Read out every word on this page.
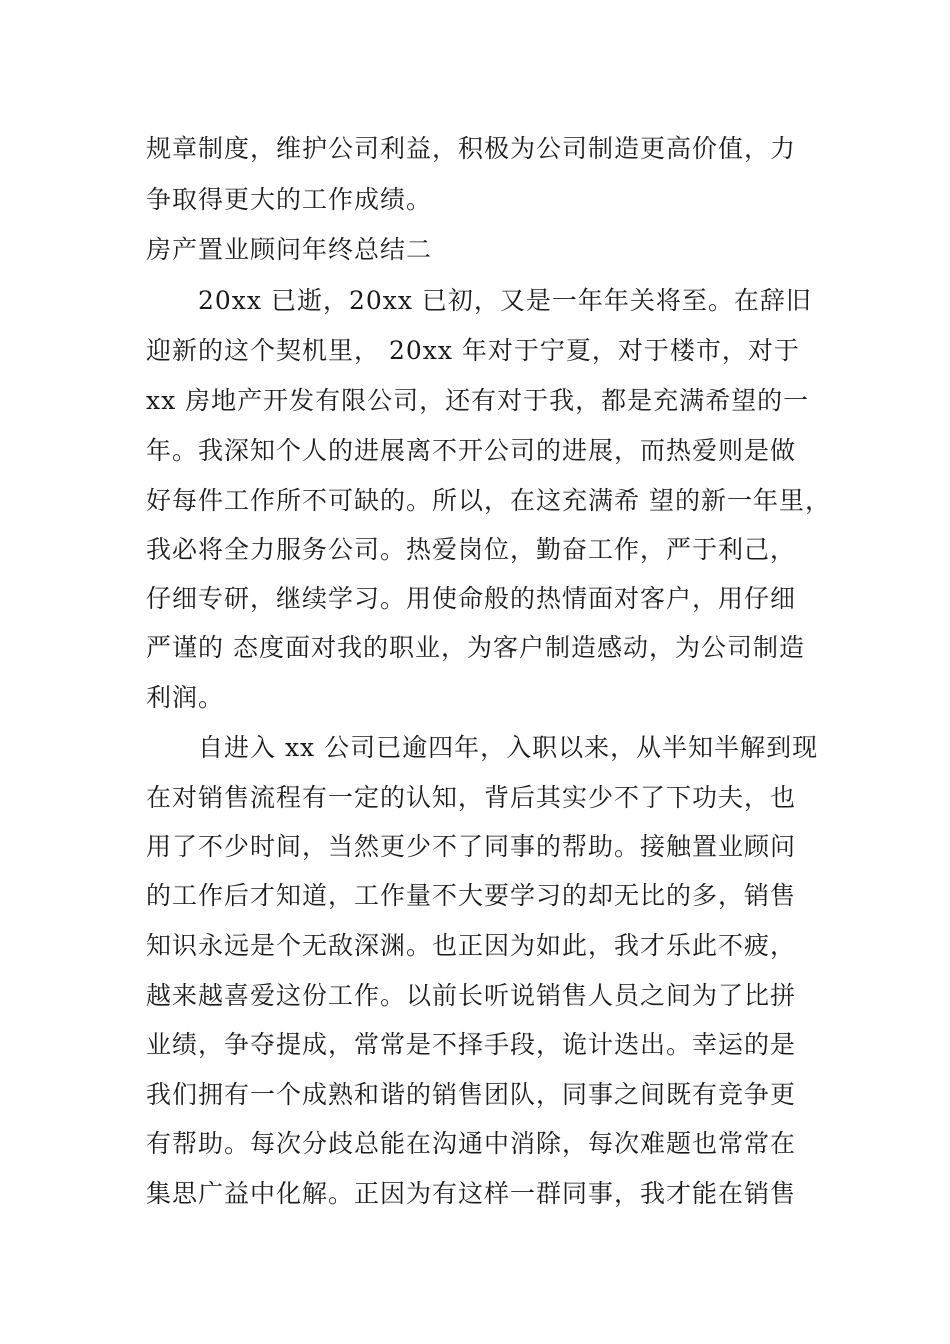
规章制度，维护公司利益，积极为公司制造更高价值，力
争取得更大的工作成绩。
房产置业顾问年终总结二
20xx 已逝，20xx 已初，又是一年年关将至。在辞旧
迎新的这个契机里， 20xx 年对于宁夏，对于楼市，对于
xx 房地产开发有限公司，还有对于我，都是充满希望的一
年。我深知个人的进展离不开公司的进展，而热爱则是做
好每件工作所不可缺的。所以，在这充满希 望的新一年里，
我必将全力服务公司。热爱岗位，勤奋工作，严于利己，
仔细专研，继续学习。用使命般的热情面对客户，用仔细
严谨的 态度面对我的职业，为客户制造感动，为公司制造
利润。
自进入 xx 公司已逾四年，入职以来，从半知半解到现
在对销售流程有一定的认知，背后其实少不了下功夫，也
用了不少时间，当然更少不了同事的帮助。接触置业顾问
的工作后才知道，工作量不大要学习的却无比的多，销售
知识永远是个无敌深渊。也正因为如此，我才乐此不疲，
越来越喜爱这份工作。以前长听说销售人员之间为了比拼
业绩，争夺提成，常常是不择手段，诡计迭出。幸运的是
我们拥有一个成熟和谐的销售团队，同事之间既有竞争更
有帮助。每次分歧总能在沟通中消除，每次难题也常常在
集思广益中化解。正因为有这样一群同事，我才能在销售
